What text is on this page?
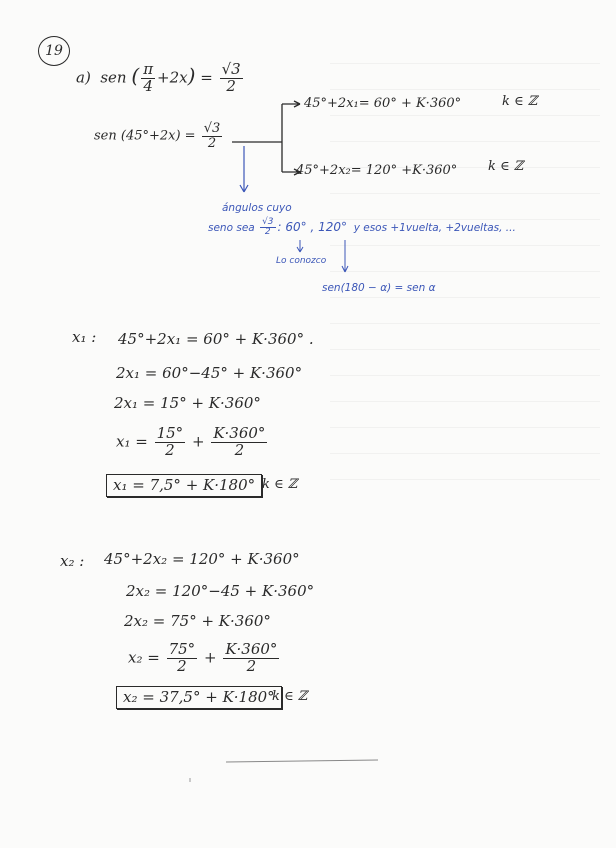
19
a) sen ( $\frac{\pi}{4} +2x) = \frac{√3}{2}$
sen $(45^\circ+2x) = \frac{√3}{2}$
45°+2x₁= 60° + K·360°	k ∈ ℤ
45°+2x₂= 120° +K·360° k ∈ ℤ
ángulos cuyo
seno sea $\frac{√3}{2}$ : 60° , 120° y esos +1vuelta, +2vueltas, ...
Lo conozco
sen(180 − α) = sen α
x₁ : 45°+2x₁ = 60° + K·360° .
2x₁ = 60°−45° + K·360°
2x₁ = 15° + K·360°
$x_1 = \frac{15^\circ}{2} + \frac{K\cdot 360^\circ}{2}$
x₁ = 7,5° + K·180° k ∈ ℤ
x₂ : 45°+2x₂ = 120° + K·360°
2x₂ = 120°−45 + K·360°
2x₂ = 75° + K·360°
$x_2 = \frac{75^\circ}{2} + \frac{K\cdot 360^\circ}{2}$
x₂ = 37,5° + K·180°
k ∈ ℤ
